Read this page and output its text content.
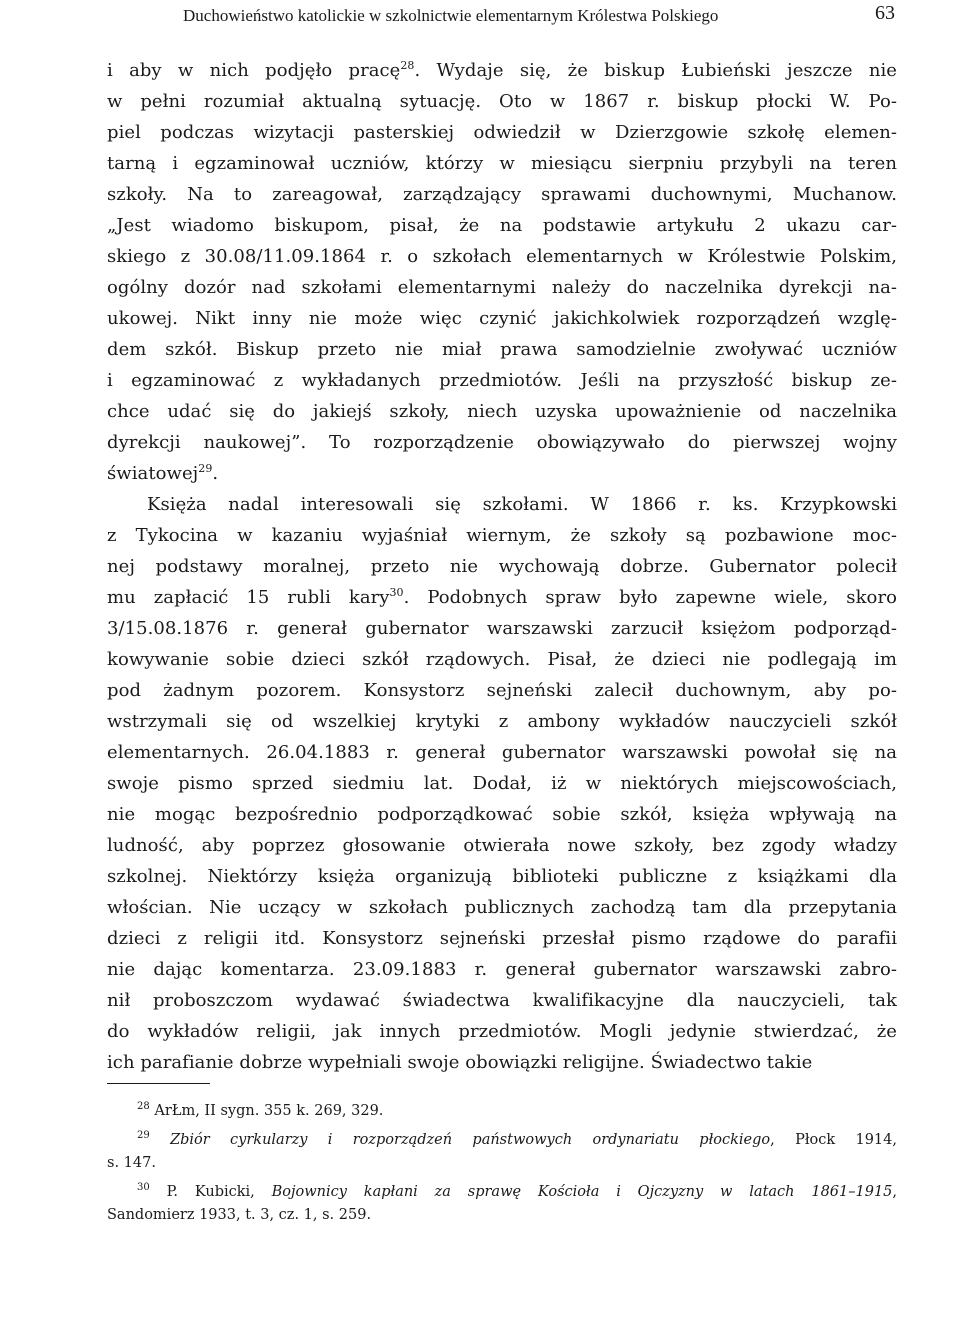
Duchowieństwo katolickie w szkolnictwie elementarnym Królestwa Polskiego	63
i aby w nich podjęło pracę$^{28}$. Wydaje się, że biskup Łubieński jeszcze nie
w pełni rozumiał aktualną sytuację. Oto w 1867 r. biskup płocki W. Po-
piel podczas wizytacji pasterskiej odwiedził w Dzierzgowie szkołę elemen-
tarną i egzaminował uczniów, którzy w miesiącu sierpniu przybyli na teren
szkoły. Na to zareagował, zarządzający sprawami duchownymi, Muchanow.
„Jest wiadomo biskupom, pisał, że na podstawie artykułu 2 ukazu car-
skiego z 30.08/11.09.1864 r. o szkołach elementarnych w Królestwie Polskim,
ogólny dozór nad szkołami elementarnymi należy do naczelnika dyrekcji na-
ukowej. Nikt inny nie może więc czynić jakichkolwiek rozporządzeń wzglę-
dem szkół. Biskup przeto nie miał prawa samodzielnie zwoływać uczniów
i egzaminować z wykładanych przedmiotów. Jeśli na przyszłość biskup ze-
chce udać się do jakiejś szkoły, niech uzyska upoważnienie od naczelnika
dyrekcji naukowej”. To rozporządzenie obowiązywało do pierwszej wojny
światowej$^{29}$.
Księża nadal interesowali się szkołami. W 1866 r. ks. Krzypkowski
z Tykocina w kazaniu wyjaśniał wiernym, że szkoły są pozbawione moc-
nej podstawy moralnej, przeto nie wychowają dobrze. Gubernator polecił
mu zapłacić 15 rubli kary$^{30}$. Podobnych spraw było zapewne wiele, skoro
3/15.08.1876 r. generał gubernator warszawski zarzucił księżom podporząd-
kowywanie sobie dzieci szkół rządowych. Pisał, że dzieci nie podlegają im
pod żadnym pozorem. Konsystorz sejneński zalecił duchownym, aby po-
wstrzymali się od wszelkiej krytyki z ambony wykładów nauczycieli szkół
elementarnych. 26.04.1883 r. generał gubernator warszawski powołał się na
swoje pismo sprzed siedmiu lat. Dodał, iż w niektórych miejscowościach,
nie mogąc bezpośrednio podporządkować sobie szkół, księża wpływają na
ludność, aby poprzez głosowanie otwierała nowe szkoły, bez zgody władzy
szkolnej. Niektórzy księża organizują biblioteki publiczne z książkami dla
włościan. Nie uczący w szkołach publicznych zachodzą tam dla przepytania
dzieci z religii itd. Konsystorz sejneński przesłał pismo rządowe do parafii
nie dając komentarza. 23.09.1883 r. generał gubernator warszawski zabro-
nił proboszczom wydawać świadectwa kwalifikacyjne dla nauczycieli, tak
do wykładów religii, jak innych przedmiotów. Mogli jedynie stwierdzać, że
ich parafianie dobrze wypełniali swoje obowiązki religijne. Świadectwo takie
$^{28}$ ArŁm, II sygn. 355 k. 269, 329.
$^{29}$ Zbiór cyrkularzy i rozporządzeń państwowych ordynariatu płockiego, Płock 1914,
s. 147.
$^{30}$ P. Kubicki, Bojownicy kapłani za sprawę Kościoła i Ojczyzny w latach 1861–1915,
Sandomierz 1933, t. 3, cz. 1, s. 259.
